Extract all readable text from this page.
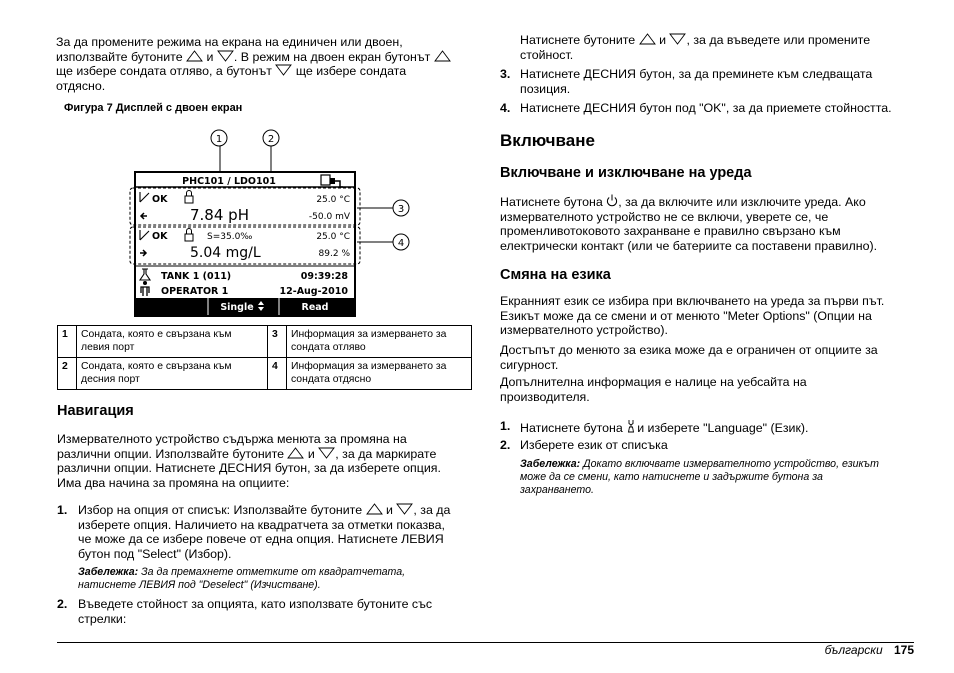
За да промените режима на екрана на единичен или двоен,
използвайте бутоните и . В режим на двоен екран бутонът
ще избере сондата отляво, а бутонът ще избере сондата
отдясно.
Фигура 7 Дисплей с двоен екран
1	2
3
4
PHC101 / LDO101
OK	25.0 °C
7.84 pH	-50.0 mV
OK	S=35.0‰	25.0 °C
5.04 mg/L	89.2 %
TANK 1 (011)	09:39:28
OPERATOR 1	12-Aug-2010
Single	Read
1	Сондата, която е свързана към левия порт	3	Информация за измерването за сондата отляво
2	Сондата, която е свързана към десния порт	4	Информация за измерването за сондата отдясно
Навигация
Измервателното устройство съдържа менюта за промяна на
различни опции. Използвайте бутоните и , за да маркирате
различни опции. Натиснете ДЕСНИЯ бутон, за да изберете опция.
Има два начина за промяна на опциите:
1. Избор на опция от списък: Използвайте бутоните и , за да
изберете опция. Наличието на квадратчета за отметки показва,
че може да се избере повече от една опция. Натиснете ЛЕВИЯ
бутон под "Select" (Избор).
Забележка: За да премахнете отметките от квадратчетата,
натиснете ЛЕВИЯ под "Deselect" (Изчистване).
2. Въведете стойност за опцията, като използвате бутоните със
стрелки:
Натиснете бутоните и , за да въведете или промените
стойност.
3. Натиснете ДЕСНИЯ бутон, за да преминете към следващата
позиция.
4. Натиснете ДЕСНИЯ бутон под "OK", за да приемете стойността.
Включване
Включване и изключване на уреда
Натиснете бутона , за да включите или изключите уреда. Ако
измервателното устройство не се включи, уверете се, че
променливотоковото захранване е правилно свързано към
електрически контакт (или че батериите са поставени правилно).
Смяна на езика
Екранният език се избира при включването на уреда за първи път.
Езикът може да се смени и от менюто "Meter Options" (Опции на
измервателното устройство).
Достъпът до менюто за езика може да е ограничен от опциите за
сигурност.
Допълнителна информация е налице на уебсайта на
производителя.
1. Натиснете бутона и изберете "Language" (Език).
2. Изберете език от списъка
Забележка: Докато включвате измервателното устройство, езикът
може да се смени, като натиснете и задържите бутона за
захранването.
български 175
